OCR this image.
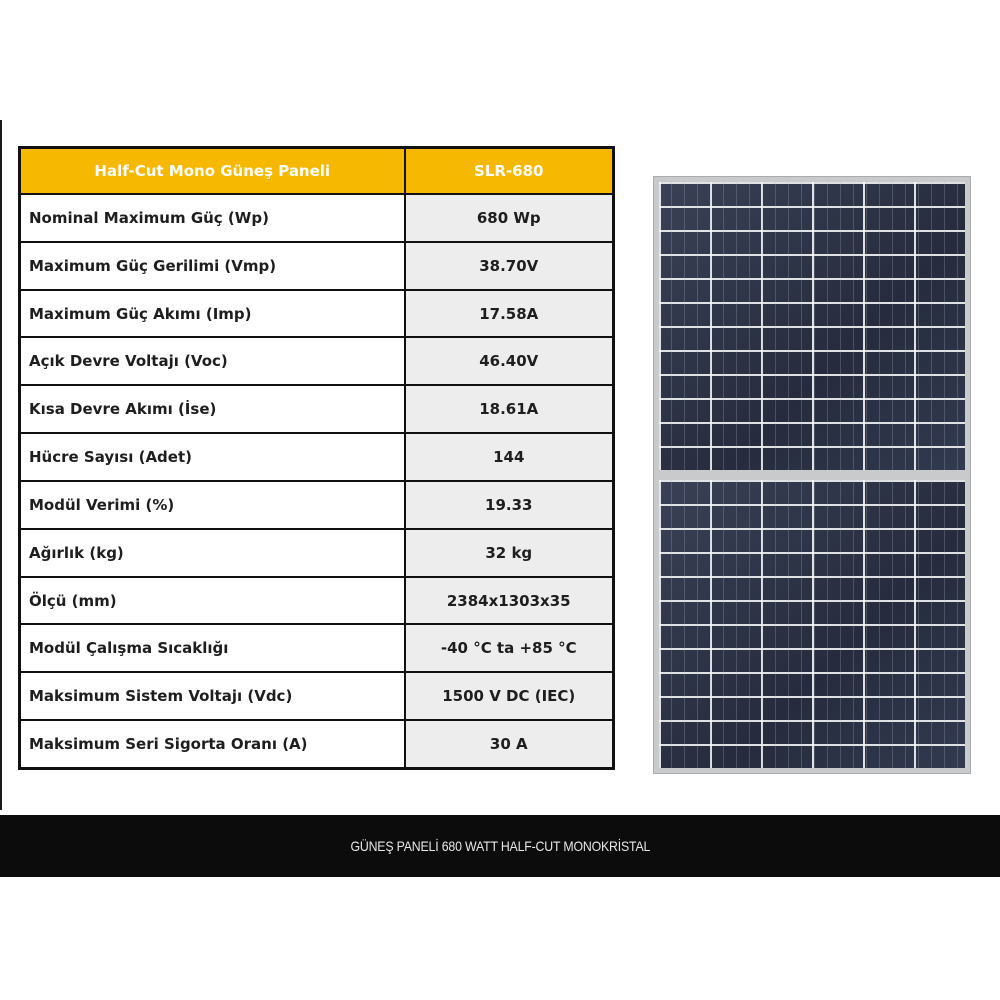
Half-Cut Mono Güneş Paneli	SLR-680
Nominal Maximum Güç (Wp)	680 Wp
Maximum Güç Gerilimi (Vmp)	38.70V
Maximum Güç Akımı (Imp)	17.58A
Açık Devre Voltajı (Voc)	46.40V
Kısa Devre Akımı (İse)	18.61A
Hücre Sayısı (Adet)	144
Modül Verimi (%)	19.33
Ağırlık (kg)	32 kg
Ölçü (mm)	2384x1303x35
Modül Çalışma Sıcaklığı	-40 °C ta +85 °C
Maksimum Sistem Voltajı (Vdc)	1500 V DC (IEC)
Maksimum Seri Sigorta Oranı (A)	30 A
GÜNEŞ PANELİ 680 WATT HALF-CUT MONOKRİSTAL
